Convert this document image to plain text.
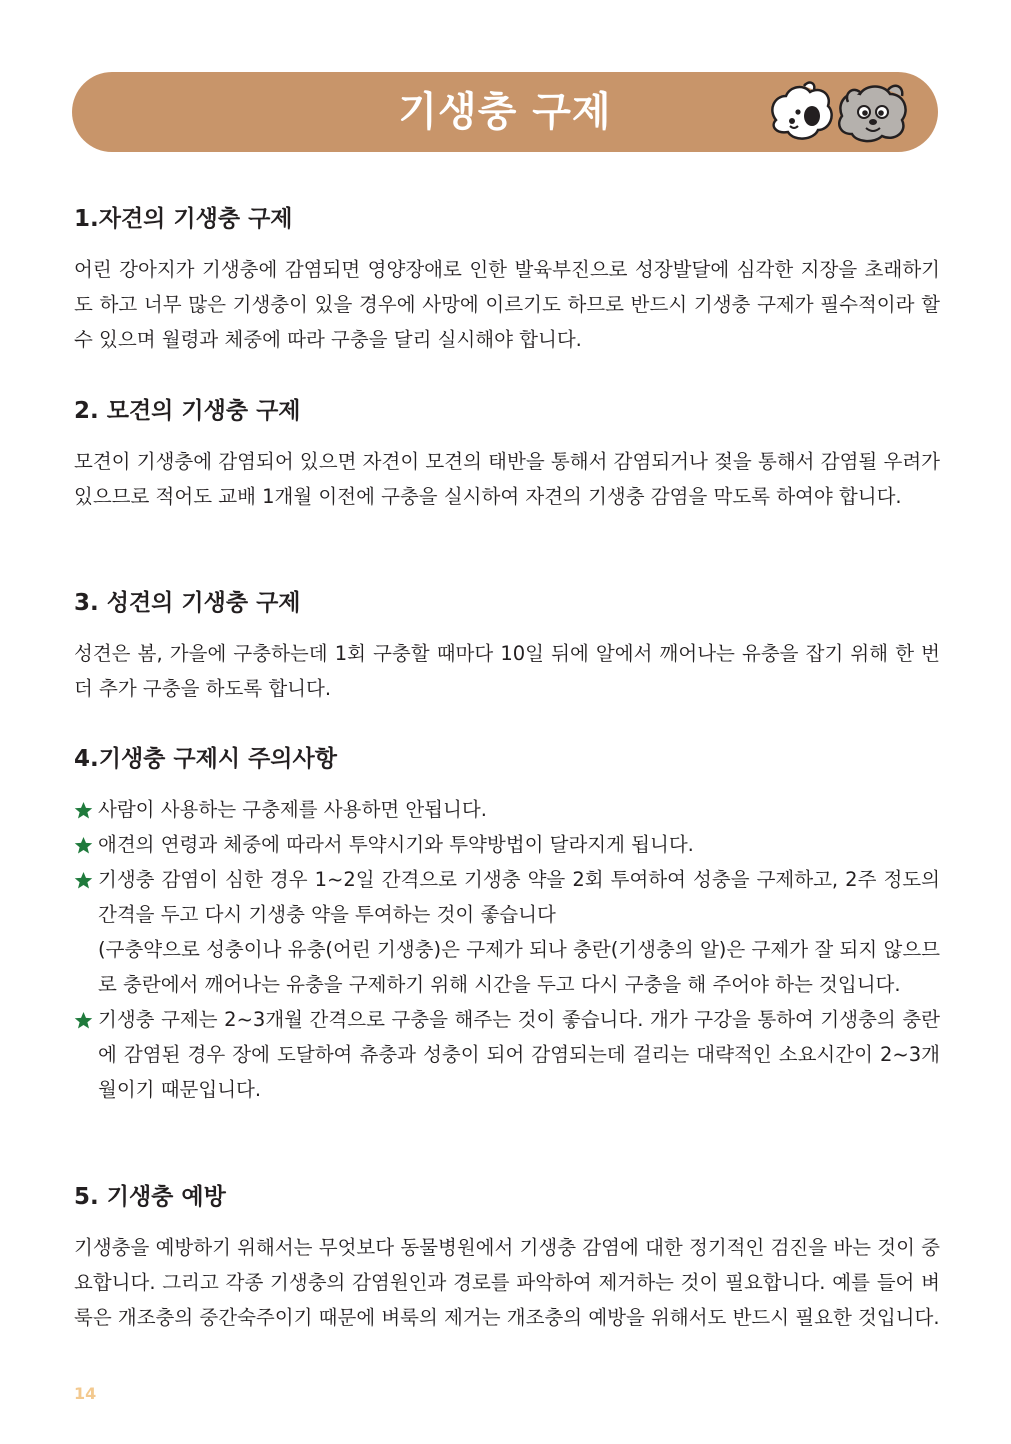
기생충 구제
1.자견의 기생충 구제

어린 강아지가 기생충에 감염되면 영양장애로 인한 발육부진으로 성장발달에 심각한 지장을 초래하기도 하고 너무 많은 기생충이 있을 경우에 사망에 이르기도 하므로 반드시 기생충 구제가 필수적이라 할 수 있으며 월령과 체중에 따라 구충을 달리 실시해야 합니다.

2. 모견의 기생충 구제

모견이 기생충에 감염되어 있으면 자견이 모견의 태반을 통해서 감염되거나 젖을 통해서 감염될 우려가 있으므로 적어도 교배 1개월 이전에 구충을 실시하여 자견의 기생충 감염을 막도록 하여야 합니다.

3. 성견의 기생충 구제

성견은 봄, 가을에 구충하는데 1회 구충할 때마다 10일 뒤에 알에서 깨어나는 유충을 잡기 위해 한 번 더 추가 구충을 하도록 합니다.

4.기생충 구제시 주의사항
사람이 사용하는 구충제를 사용하면 안됩니다.
애견의 연령과 체중에 따라서 투약시기와 투약방법이 달라지게 됩니다.
기생충 감염이 심한 경우 1~2일 간격으로 기생충 약을 2회 투여하여 성충을 구제하고, 2주 정도의 간격을 두고 다시 기생충 약을 투여하는 것이 좋습니다
(구충약으로 성충이나 유충(어린 기생충)은 구제가 되나 충란(기생충의 알)은 구제가 잘 되지 않으므로 충란에서 깨어나는 유충을 구제하기 위해 시간을 두고 다시 구충을 해 주어야 하는 것입니다.
기생충 구제는 2~3개월 간격으로 구충을 해주는 것이 좋습니다. 개가 구강을 통하여 기생충의 충란에 감염된 경우 장에 도달하여 츄충과 성충이 되어 감염되는데 걸리는 대략적인 소요시간이 2~3개월이기 때문입니다.
5. 기생충 예방

기생충을 예방하기 위해서는 무엇보다 동물병원에서 기생충 감염에 대한 정기적인 검진을 바는 것이 중요합니다. 그리고 각종 기생충의 감염원인과 경로를 파악하여 제거하는 것이 필요합니다. 예를 들어 벼룩은 개조충의 중간숙주이기 때문에 벼룩의 제거는 개조충의 예방을 위해서도 반드시 필요한 것입니다.

14
